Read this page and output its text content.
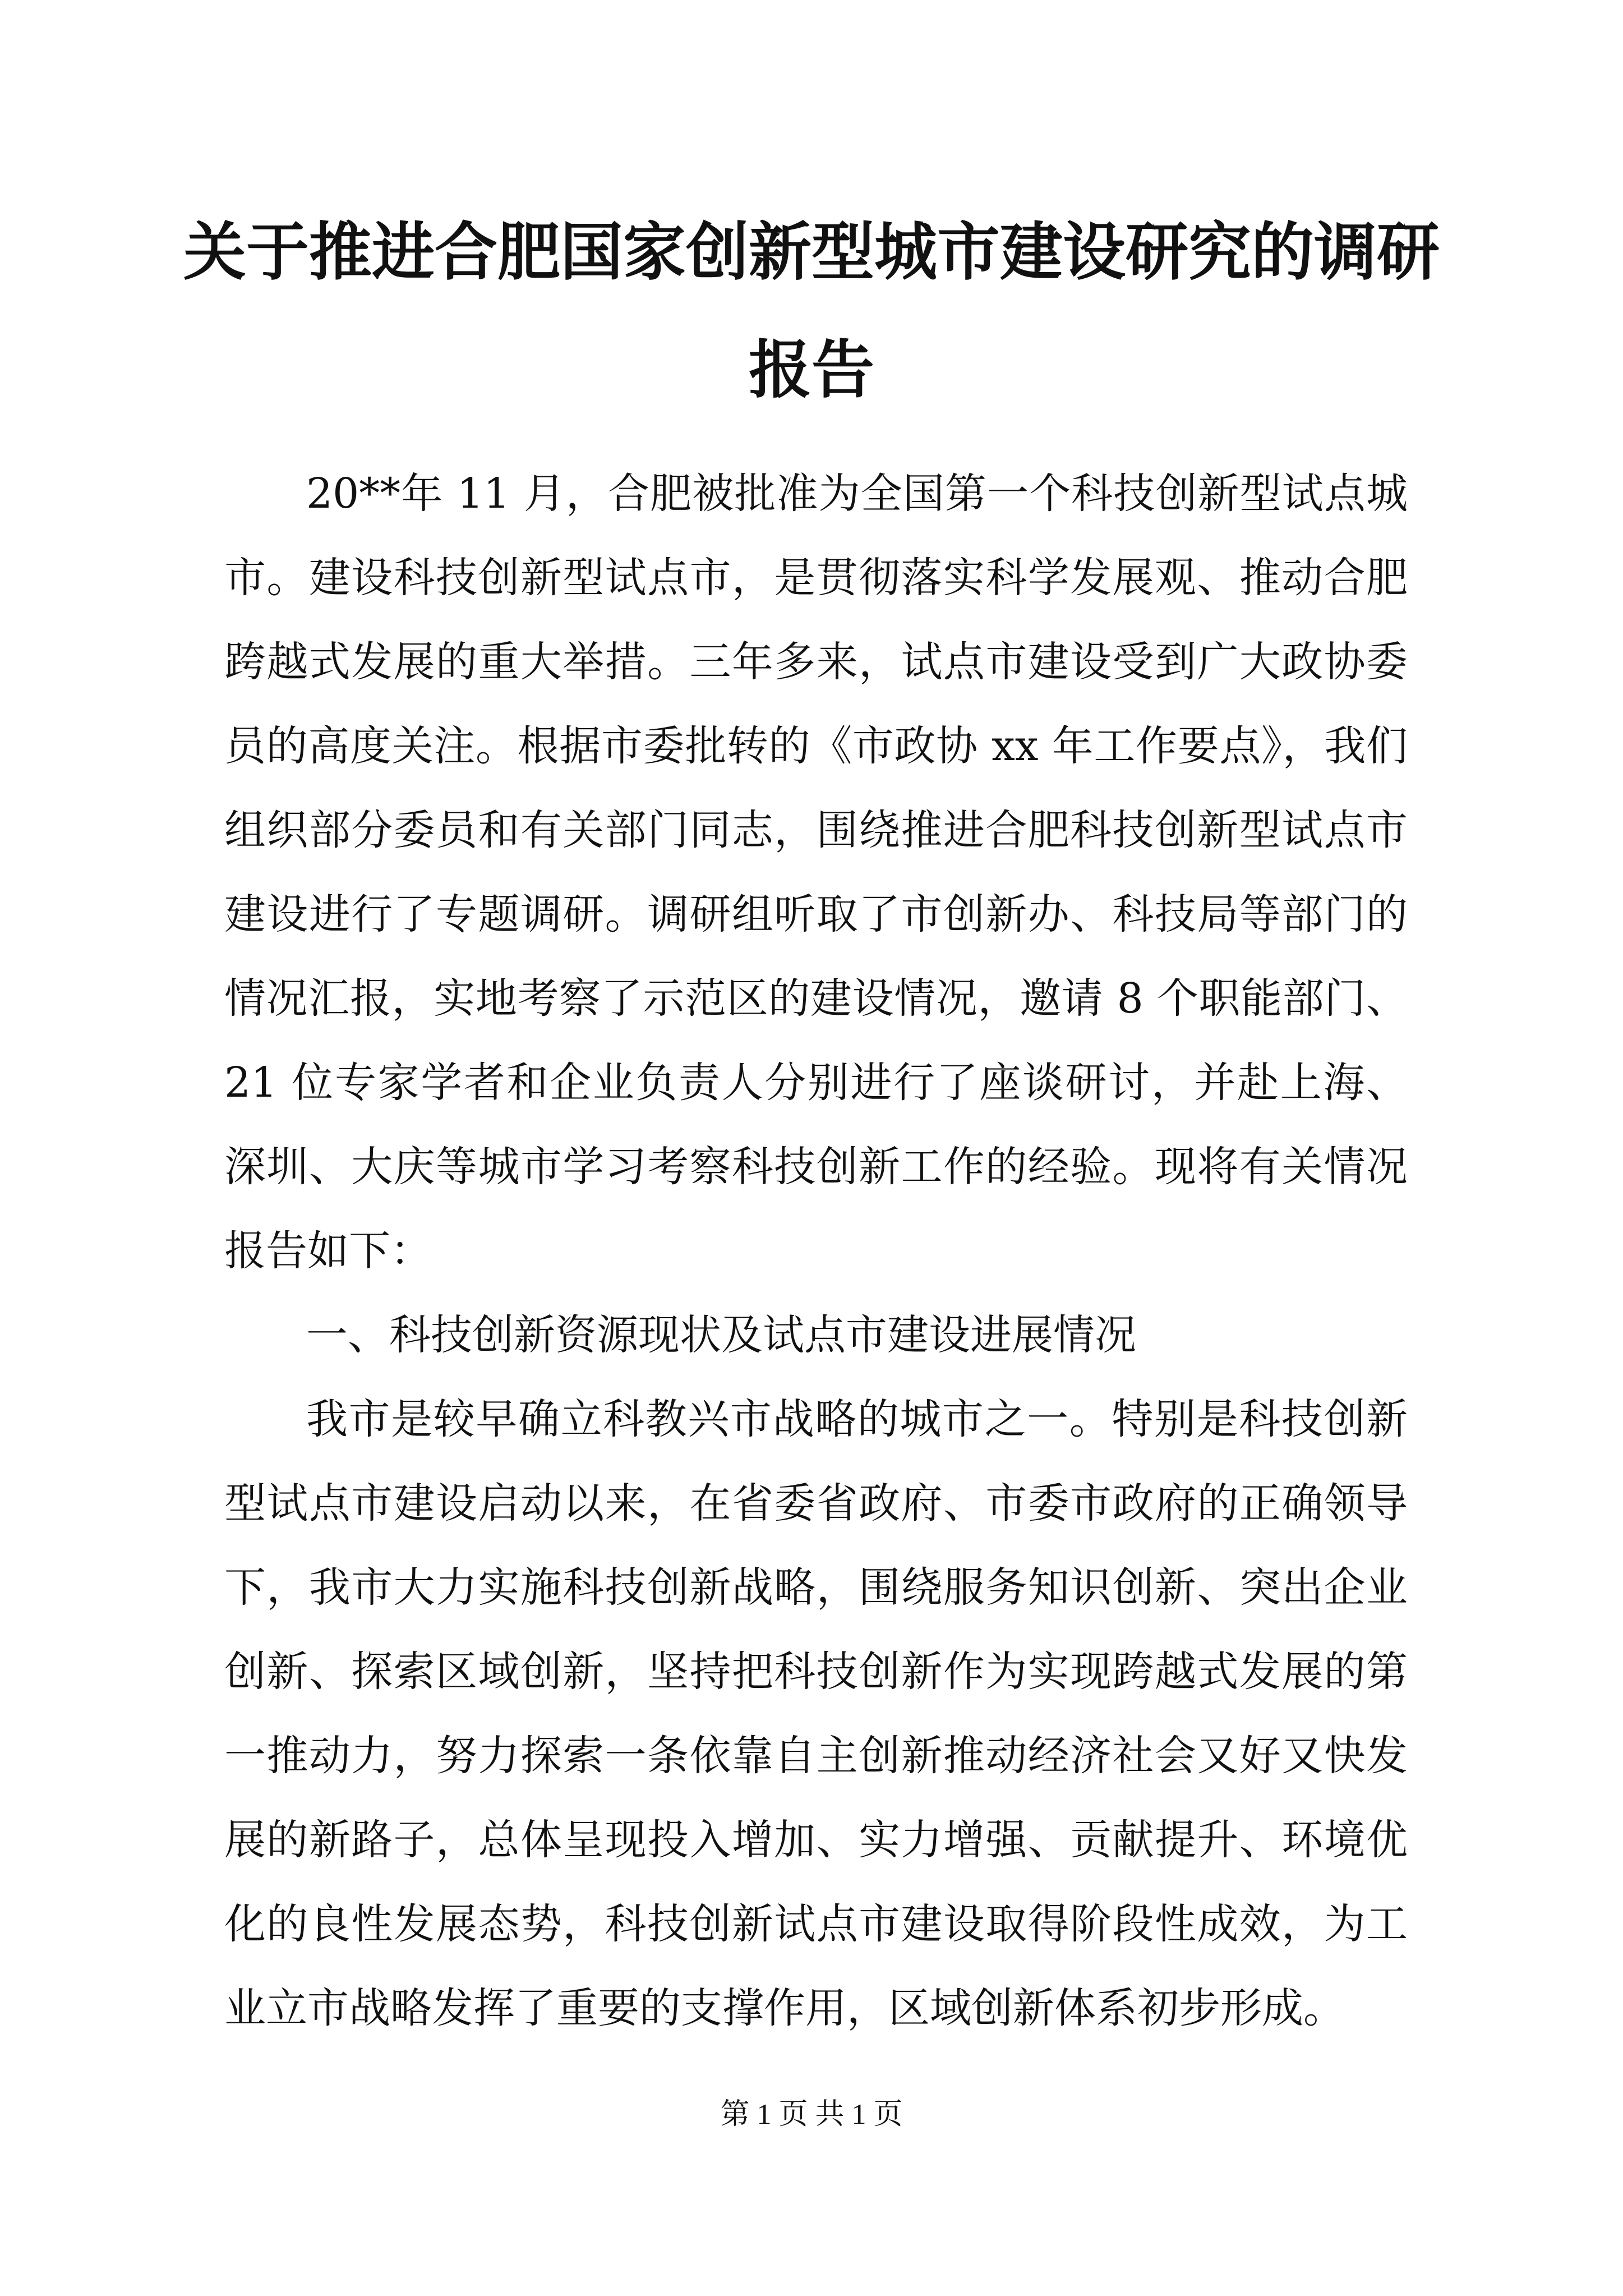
关于推进合肥国家创新型城市建设研究的调研
报告
20**年 11 月，合肥被批准为全国第一个科技创新型试点城
市。建设科技创新型试点市，是贯彻落实科学发展观、推动合肥
跨越式发展的重大举措。三年多来，试点市建设受到广大政协委
员的高度关注。根据市委批转的《市政协 xx 年工作要点》，我们
组织部分委员和有关部门同志，围绕推进合肥科技创新型试点市
建设进行了专题调研。调研组听取了市创新办、科技局等部门的
情况汇报，实地考察了示范区的建设情况，邀请 8 个职能部门、
21 位专家学者和企业负责人分别进行了座谈研讨，并赴上海、
深圳、大庆等城市学习考察科技创新工作的经验。现将有关情况
报告如下：
一、科技创新资源现状及试点市建设进展情况
我市是较早确立科教兴市战略的城市之一。特别是科技创新
型试点市建设启动以来，在省委省政府、市委市政府的正确领导
下，我市大力实施科技创新战略，围绕服务知识创新、突出企业
创新、探索区域创新，坚持把科技创新作为实现跨越式发展的第
一推动力，努力探索一条依靠自主创新推动经济社会又好又快发
展的新路子，总体呈现投入增加、实力增强、贡献提升、环境优
化的良性发展态势，科技创新试点市建设取得阶段性成效，为工
业立市战略发挥了重要的支撑作用，区域创新体系初步形成。
第 1 页 共 1 页
